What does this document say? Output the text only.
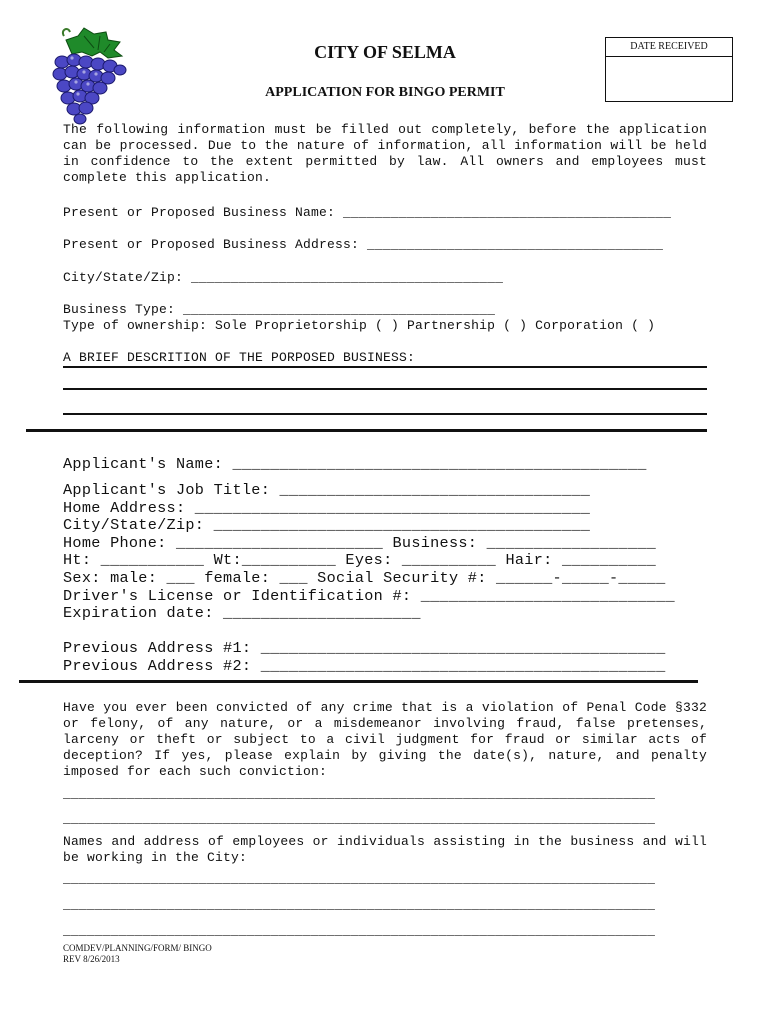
CITY OF SELMA
APPLICATION FOR BINGO PERMIT
DATE RECEIVED
The following information must be filled out completely, before the application can be processed. Due to the nature of information, all information will be held in confidence to the extent permitted by law. All owners and employees must complete this application.
Present or Proposed Business Name: _________________________________________
Present or Proposed Business Address: _____________________________________
City/State/Zip: _______________________________________
Business Type: _______________________________________
Type of ownership: Sole Proprietorship ( ) Partnership ( ) Corporation ( )
A BRIEF DESCRITION OF THE PORPOSED BUSINESS:
Applicant's Name: ____________________________________________
Applicant's Job Title: _________________________________
Home Address: __________________________________________
City/State/Zip: ________________________________________
Home Phone: ______________________ Business: __________________
Ht: ___________ Wt:__________ Eyes: __________ Hair: __________
Sex: male: ___ female: ___ Social Security #: ______-_____-_____
Driver's License or Identification #: ___________________________
Expiration date: _____________________
Previous Address #1: ___________________________________________
Previous Address #2: ___________________________________________
Have you ever been convicted of any crime that is a violation of Penal Code §332 or felony, of any nature, or a misdemeanor involving fraud, false pretenses, larceny or theft or subject to a civil judgment for fraud or similar acts of deception? If yes, please explain by giving the date(s), nature, and penalty imposed for each such conviction:
__________________________________________________________________________
__________________________________________________________________________
Names and address of employees or individuals assisting in the business and will be working in the City:
__________________________________________________________________________
__________________________________________________________________________
__________________________________________________________________________
COMDEV/PLANNING/FORM/ BINGO
REV 8/26/2013
